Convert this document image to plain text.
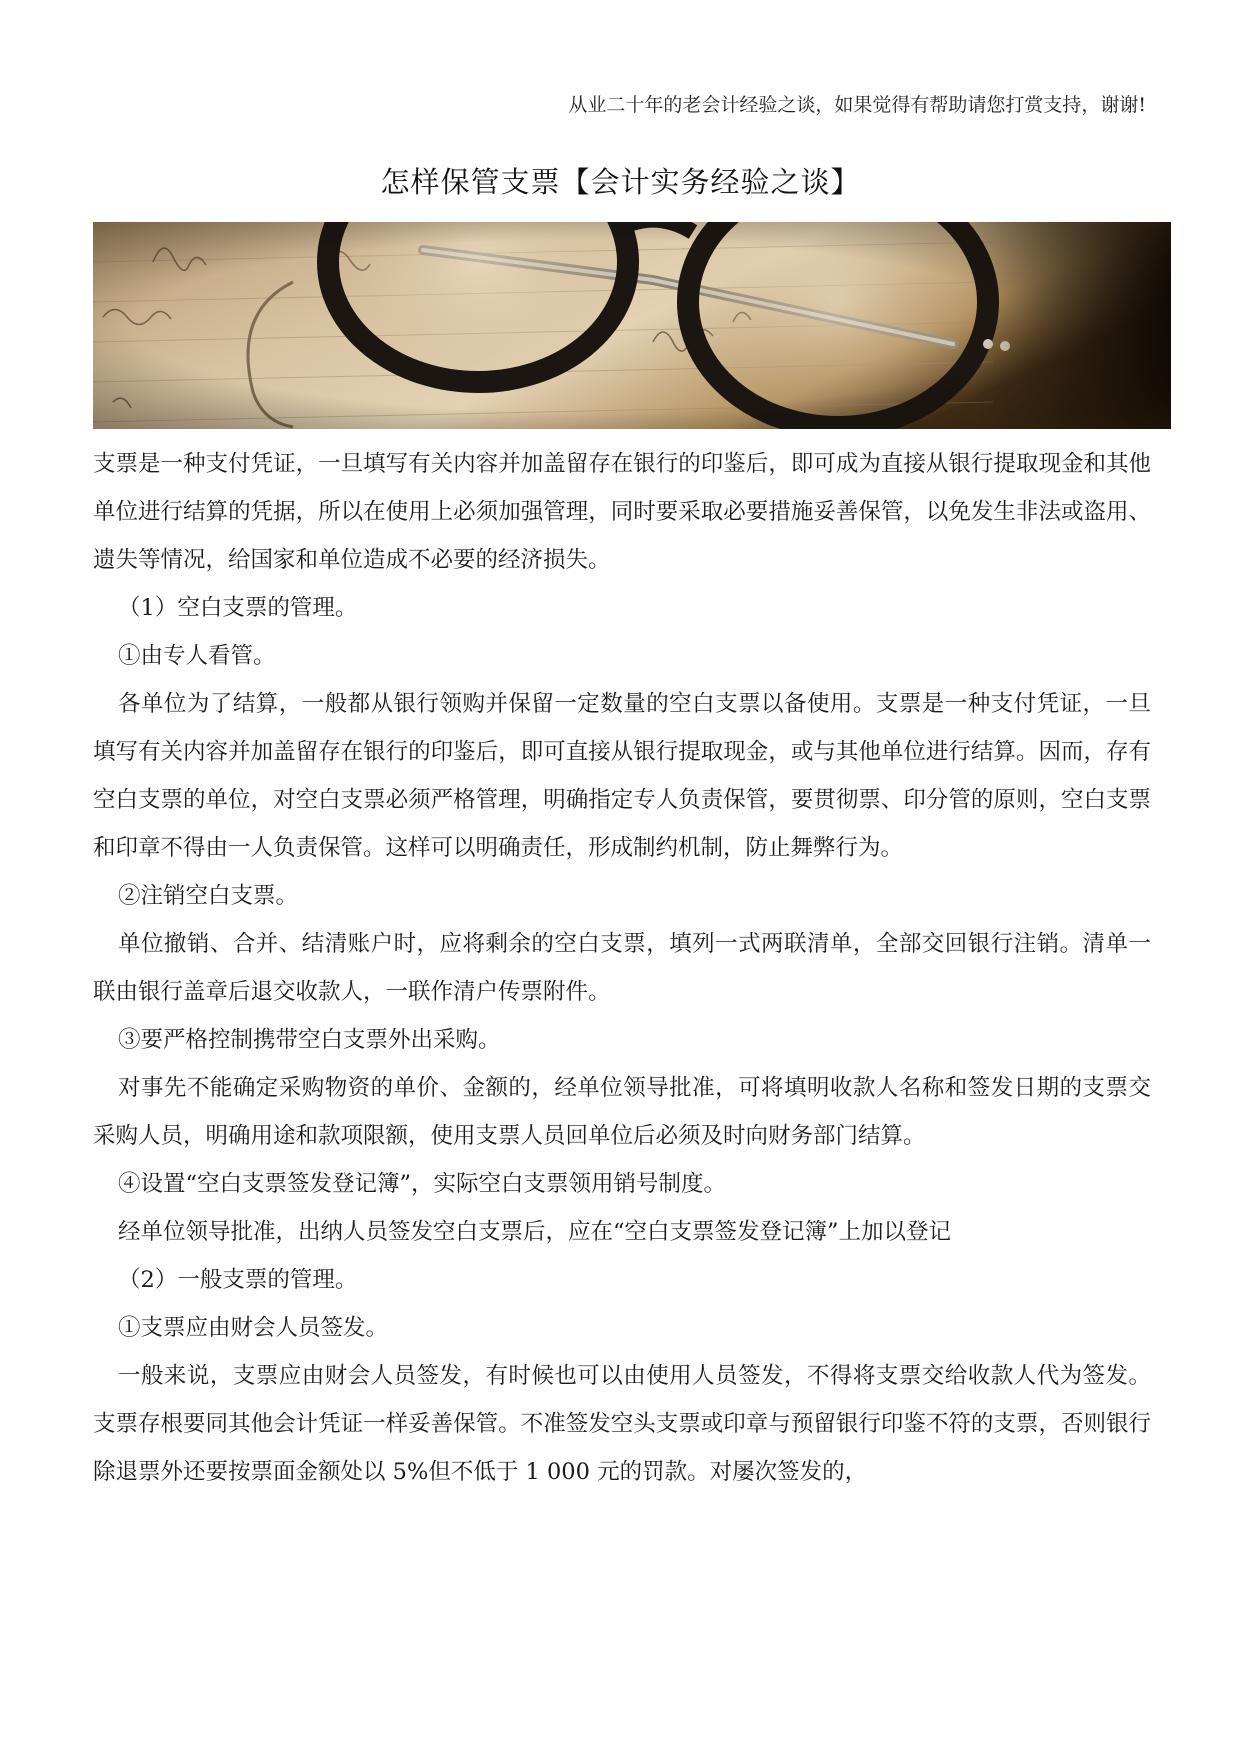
从业二十年的老会计经验之谈，如果觉得有帮助请您打赏支持，谢谢!
怎样保管支票【会计实务经验之谈】

支票是一种支付凭证，一旦填写有关内容并加盖留存在银行的印鉴后，即可成为直接从银行提取现金和其他单位进行结算的凭据，所以在使用上必须加强管理，同时要采取必要措施妥善保管，以免发生非法或盗用、遗失等情况，给国家和单位造成不必要的经济损失。

（1）空白支票的管理。

①由专人看管。

各单位为了结算，一般都从银行领购并保留一定数量的空白支票以备使用。支票是一种支付凭证，一旦填写有关内容并加盖留存在银行的印鉴后，即可直接从银行提取现金，或与其他单位进行结算。因而，存有空白支票的单位，对空白支票必须严格管理，明确指定专人负责保管，要贯彻票、印分管的原则，空白支票和印章不得由一人负责保管。这样可以明确责任，形成制约机制，防止舞弊行为。

②注销空白支票。

单位撤销、合并、结清账户时，应将剩余的空白支票，填列一式两联清单，全部交回银行注销。清单一联由银行盖章后退交收款人，一联作清户传票附件。

③要严格控制携带空白支票外出采购。

对事先不能确定采购物资的单价、金额的，经单位领导批准，可将填明收款人名称和签发日期的支票交采购人员，明确用途和款项限额，使用支票人员回单位后必须及时向财务部门结算。

④设置“空白支票签发登记簿”，实际空白支票领用销号制度。

经单位领导批准，出纳人员签发空白支票后，应在“空白支票签发登记簿”上加以登记

（2）一般支票的管理。

①支票应由财会人员签发。

一般来说，支票应由财会人员签发，有时候也可以由使用人员签发，不得将支票交给收款人代为签发。支票存根要同其他会计凭证一样妥善保管。不准签发空头支票或印章与预留银行印鉴不符的支票，否则银行除退票外还要按票面金额处以 5%但不低于 1 000 元的罚款。对屡次签发的，
